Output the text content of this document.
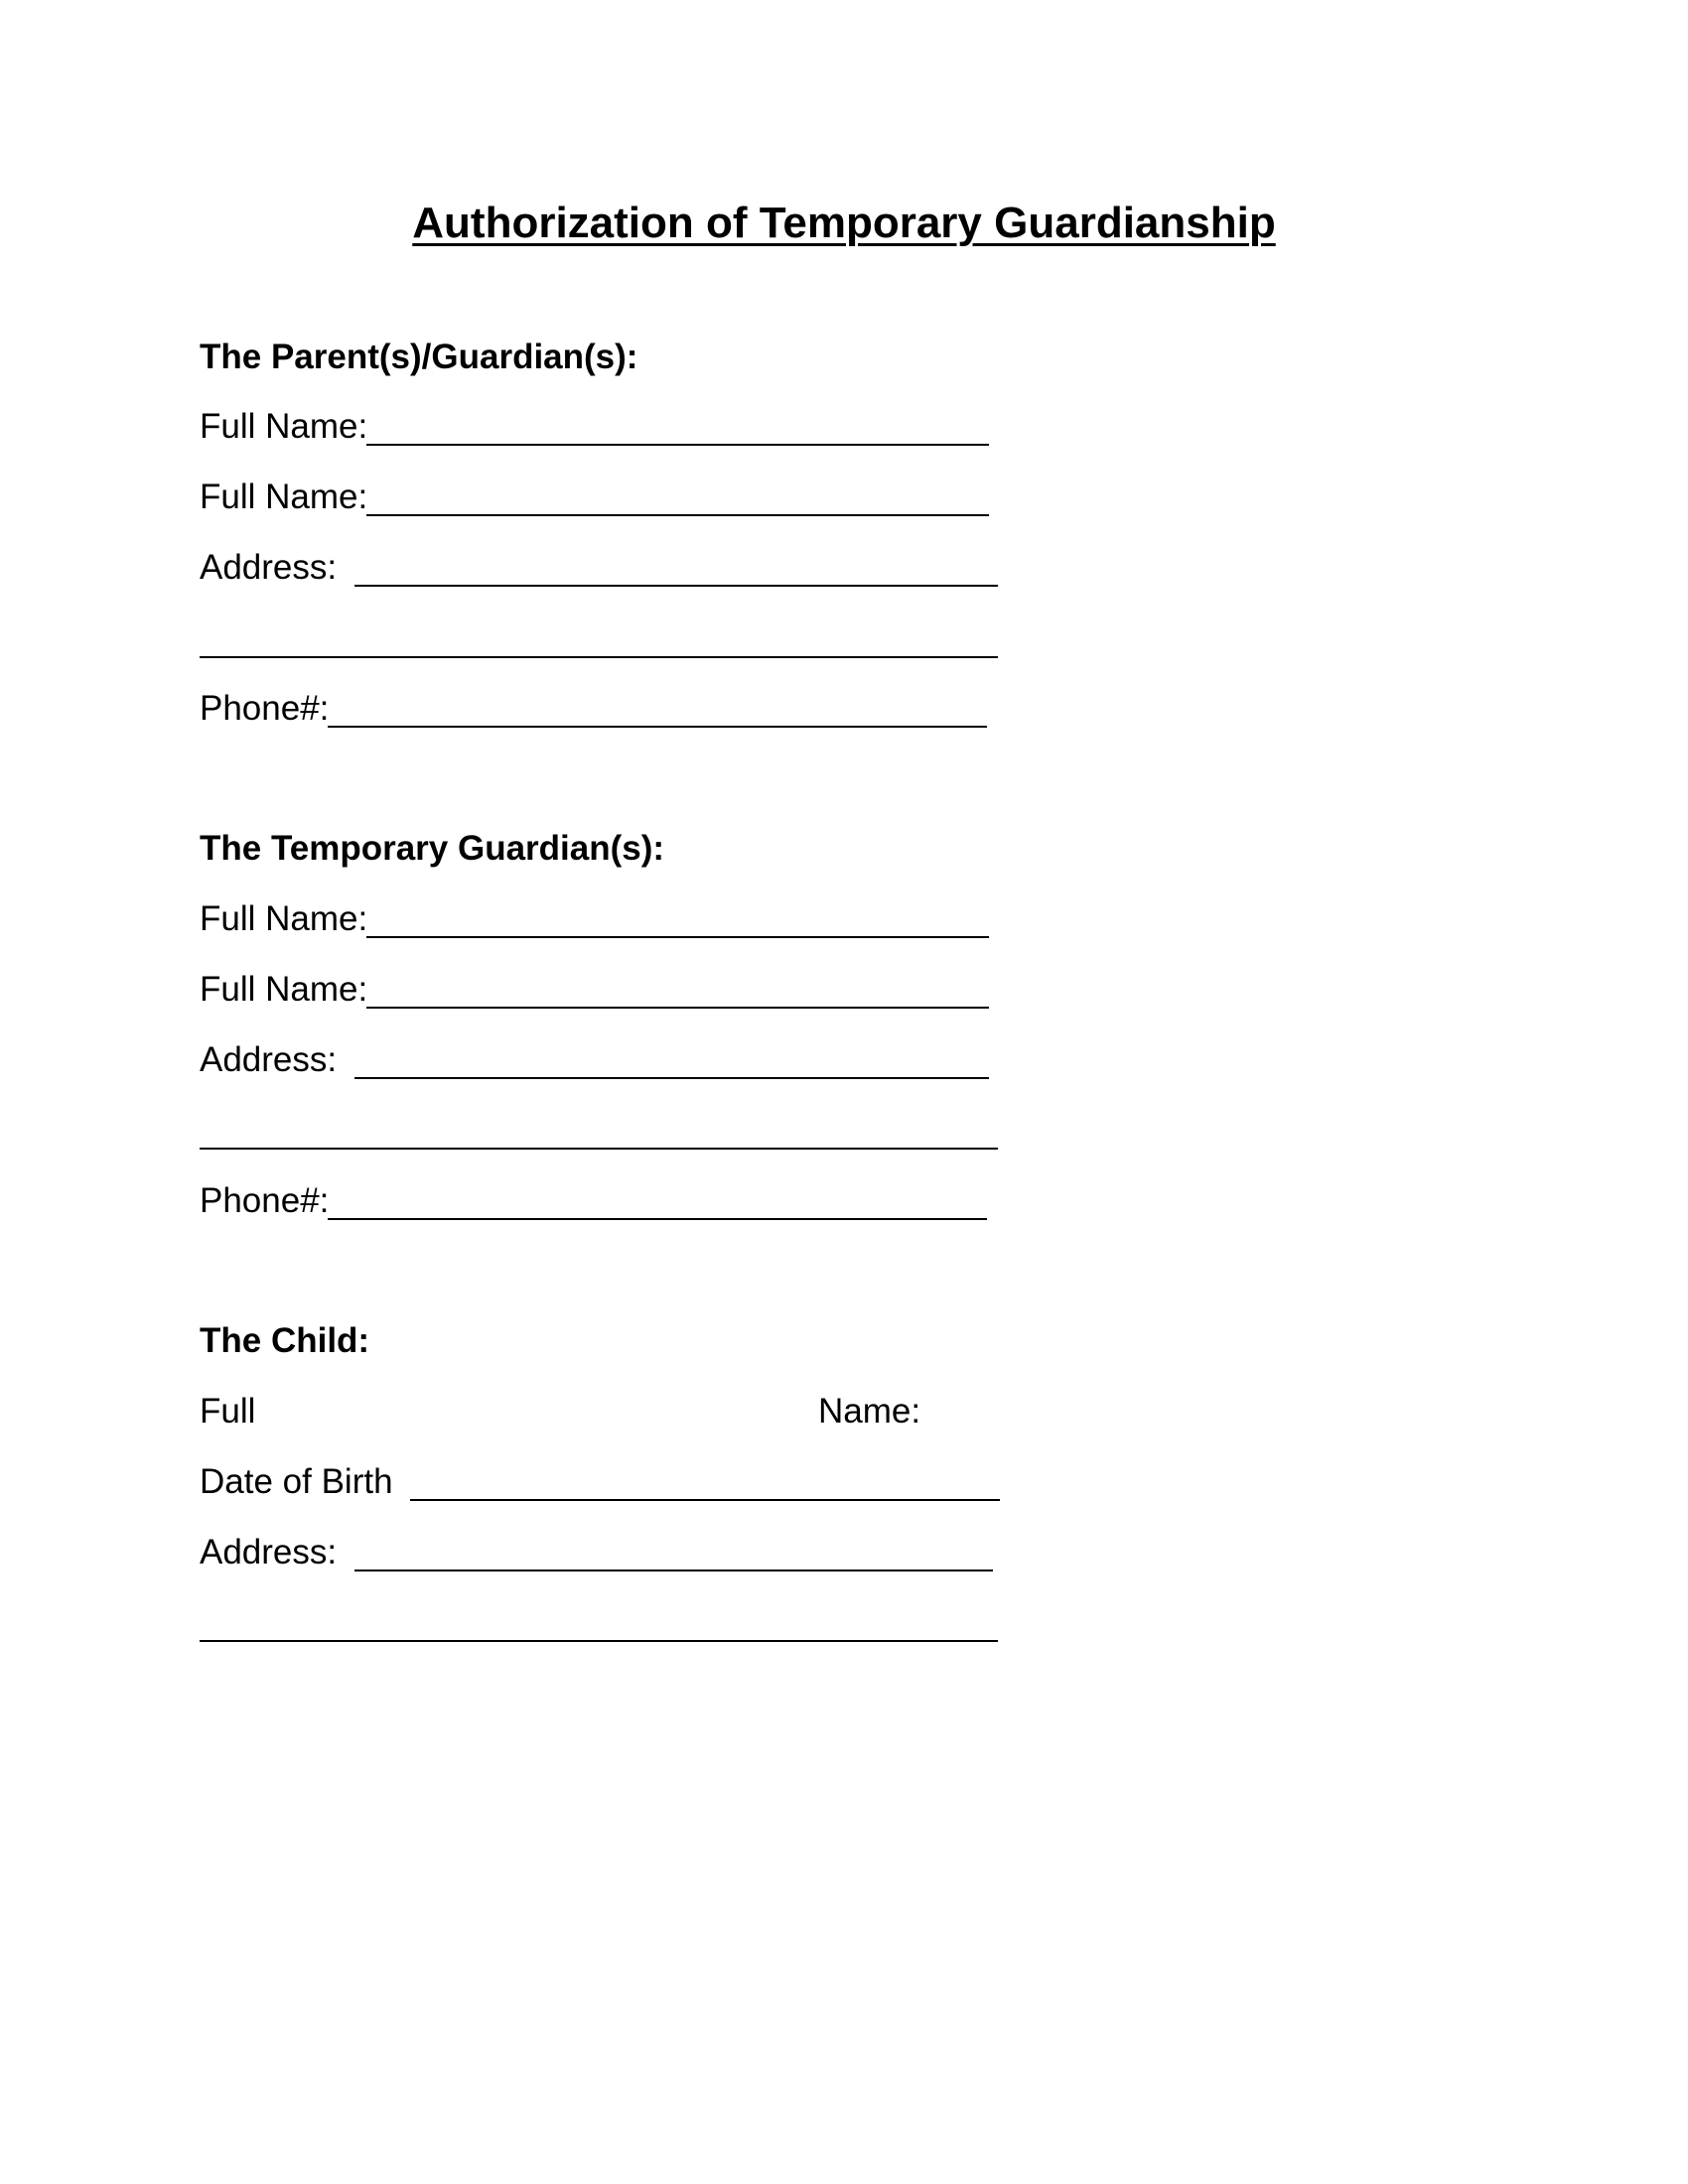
Authorization of Temporary Guardianship
The Parent(s)/Guardian(s):
Full Name:
Full Name:
Address:
Phone#:
The Temporary Guardian(s):
Full Name:
Full Name:
Address:
Phone#:
The Child:
Full	Name:
Date of Birth
Address:
